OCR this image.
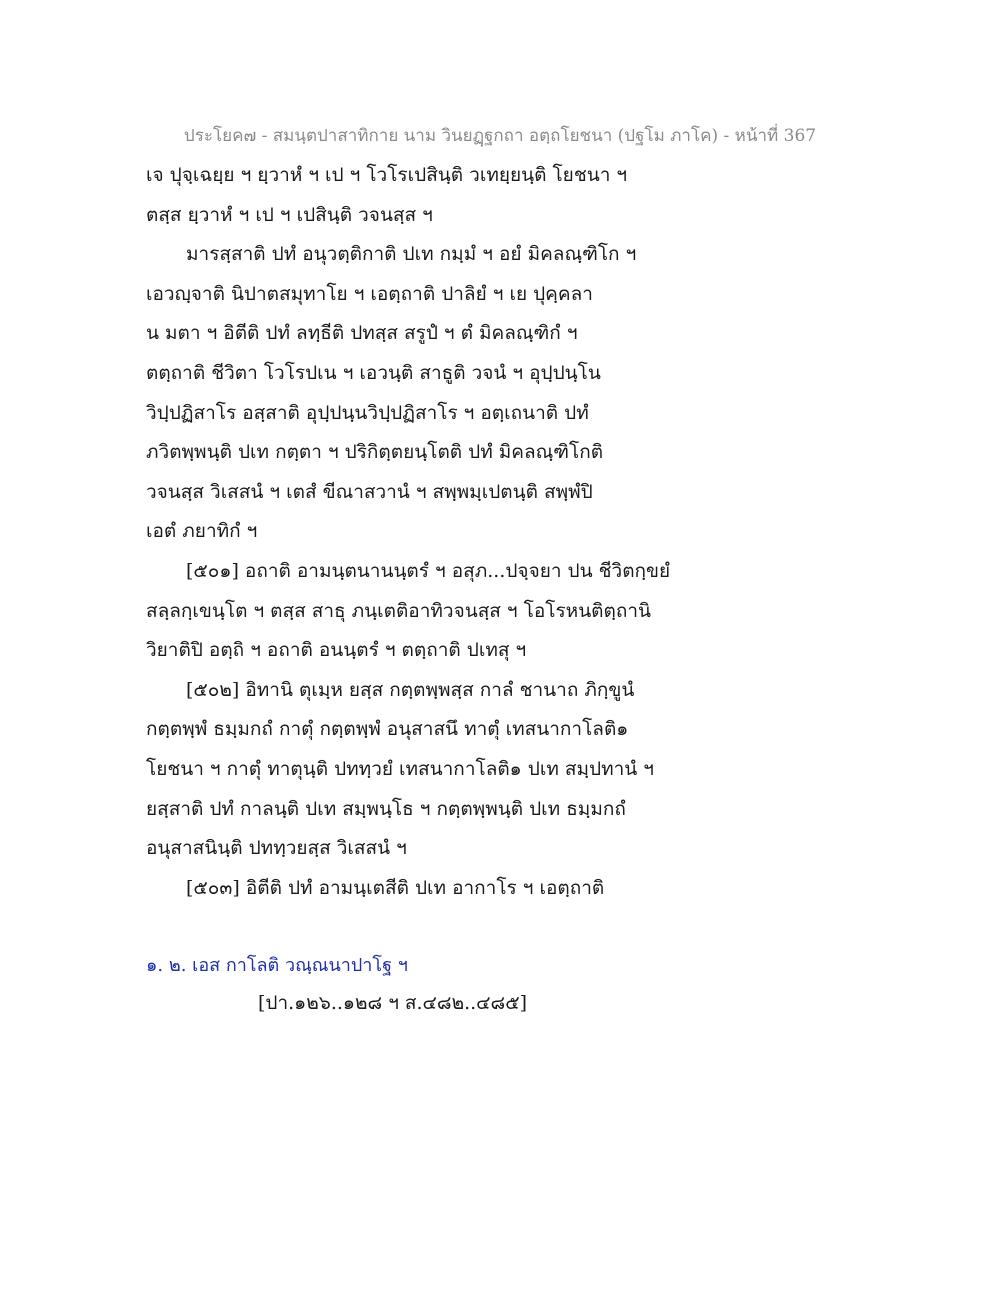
ประโยค๗ - สมนฺตปาสาทิกาย นาม วินยฏฺฐกถา อตฺถโยชนา (ปฐโม ภาโค) - หน้าที่ 367
เจ ปุจฺเฉยฺย ฯ ยฺวาหํ ฯ เป ฯ โวโรเปสินฺติ วเทยฺยนฺติ โยชนา ฯ
ตสฺส ยฺวาหํ ฯ เป ฯ เปสินฺติ วจนสฺส ฯ
มารสฺสาติ ปทํ อนุวตฺติกาติ ปเท กมฺมํ ฯ อยํ มิคลณฺฑิโก ฯ
เอวญฺจาติ นิปาตสมุทาโย ฯ เอตฺถาติ ปาลิยํ ฯ เย ปุคฺคลา
น มตา ฯ อิตีติ ปทํ ลทฺธีติ ปทสฺส สรูปํ ฯ ตํ มิคลณฺฑิกํ ฯ
ตตฺถาติ ชีวิตา โวโรปเน ฯ เอวนฺติ สาธูติ วจนํ ฯ อุปฺปนฺโน
วิปฺปฏิสาโร อสฺสาติ อุปฺปนฺนวิปฺปฏิสาโร ฯ อตฺเถนาติ ปทํ
ภวิตพฺพนฺติ ปเท กตฺตา ฯ ปริกิตฺตยนฺโตติ ปทํ มิคลณฺฑิโกติ
วจนสฺส วิเสสนํ ฯ เตสํ ขีณาสวานํ ฯ สพฺพมฺเปตนฺติ สพฺพํปิ
เอตํ ภยาทิกํ ฯ
[๕๐๑] อถาติ อามนฺตนานนฺตรํ ฯ อสุภ...ปจฺจยา ปน ชีวิตกฺขยํ
สลฺลกฺเขนฺโต ฯ ตสฺส สาธุ ภนฺเตติอาทิวจนสฺส ฯ โอโรหนติตฺถานิ
วิยาติปิ อตฺถิ ฯ อถาติ อนนฺตรํ ฯ ตตฺถาติ ปเทสุ ฯ
[๕๐๒] อิทานิ ตุเมฺห ยสฺส กตฺตพฺพสฺส กาลํ ชานาถ ภิกฺขูนํ
กตฺตพฺพํ ธมฺมกถํ กาตุํ กตฺตพฺพํ อนุสาสนึ ทาตุํ เทสนากาโลติ๑
โยชนา ฯ กาตุํ ทาตุนฺติ ปททฺวยํ เทสนากาโลติ๑ ปเท สมฺปทานํ ฯ
ยสฺสาติ ปทํ กาลนฺติ ปเท สมฺพนฺโธ ฯ กตฺตพฺพนฺติ ปเท ธมฺมกถํ
อนุสาสนินฺติ ปททฺวยสฺส วิเสสนํ ฯ
[๕๐๓] อิตีติ ปทํ อามนฺเตสีติ ปเท อากาโร ฯ เอตฺถาติ
๑. ๒. เอส กาโลติ วณฺณนาปาโฐ ฯ
[ปา.๑๒๖..๑๒๘ ฯ ส.๔๘๒..๔๘๕]
